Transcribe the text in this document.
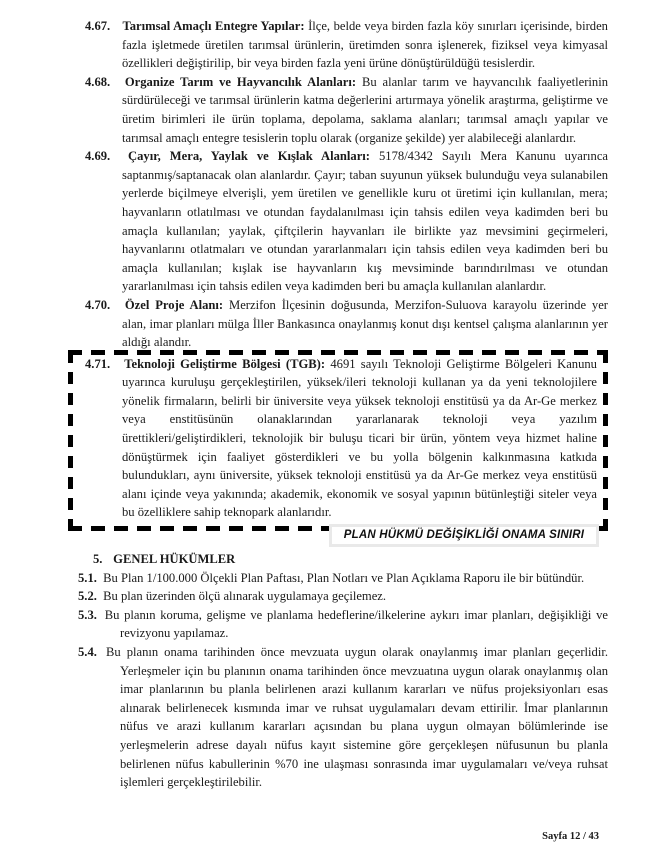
4.67. Tarımsal Amaçlı Entegre Yapılar: İlçe, belde veya birden fazla köy sınırları içerisinde, birden fazla işletmede üretilen tarımsal ürünlerin, üretimden sonra işlenerek, fiziksel veya kimyasal özellikleri değiştirilip, bir veya birden fazla yeni ürüne dönüştürüldüğü tesislerdir.
4.68. Organize Tarım ve Hayvancılık Alanları: Bu alanlar tarım ve hayvancılık faaliyetlerinin sürdürüleceği ve tarımsal ürünlerin katma değerlerini artırmaya yönelik araştırma, geliştirme ve üretim birimleri ile ürün toplama, depolama, saklama alanları; tarımsal amaçlı yapılar ve tarımsal amaçlı entegre tesislerin toplu olarak (organize şekilde) yer alabileceği alanlardır.
4.69. Çayır, Mera, Yaylak ve Kışlak Alanları: 5178/4342 Sayılı Mera Kanunu uyarınca saptanmış/saptanacak olan alanlardır. Çayır; taban suyunun yüksek bulunduğu veya sulanabilen yerlerde biçilmeye elverişli, yem üretilen ve genellikle kuru ot üretimi için kullanılan, mera; hayvanların otlatılması ve otundan faydalanılması için tahsis edilen veya kadimden beri bu amaçla kullanılan; yaylak, çiftçilerin hayvanları ile birlikte yaz mevsimini geçirmeleri, hayvanlarını otlatmaları ve otundan yararlanmaları için tahsis edilen veya kadimden beri bu amaçla kullanılan; kışlak ise hayvanların kış mevsiminde barındırılması ve otundan yararlanılması için tahsis edilen veya kadimden beri bu amaçla kullanılan alanlardır.
4.70. Özel Proje Alanı: Merzifon İlçesinin doğusunda, Merzifon-Suluova karayolu üzerinde yer alan, imar planları mülga İller Bankasınca onaylanmış konut dışı kentsel çalışma alanlarının yer aldığı alandır.
4.71. Teknoloji Geliştirme Bölgesi (TGB): 4691 sayılı Teknoloji Geliştirme Bölgeleri Kanunu uyarınca kuruluşu gerçekleştirilen, yüksek/ileri teknoloji kullanan ya da yeni teknolojilere yönelik firmaların, belirli bir üniversite veya yüksek teknoloji enstitüsü ya da Ar-Ge merkez veya enstitüsünün olanaklarından yararlanarak teknoloji veya yazılım ürettikleri/geliştirdikleri, teknolojik bir buluşu ticari bir ürün, yöntem veya hizmet haline dönüştürmek için faaliyet gösterdikleri ve bu yolla bölgenin kalkınmasına katkıda bulundukları, aynı üniversite, yüksek teknoloji enstitüsü ya da Ar-Ge merkez veya enstitüsü alanı içinde veya yakınında; akademik, ekonomik ve sosyal yapının bütünleştiği siteler veya bu özelliklere sahip teknopark alanlarıdır.
PLAN HÜKMÜ DEĞİŞİKLİĞİ ONAMA SINIRI
5. GENEL HÜKÜMLER
5.1. Bu Plan 1/100.000 Ölçekli Plan Paftası, Plan Notları ve Plan Açıklama Raporu ile bir bütündür.
5.2. Bu plan üzerinden ölçü alınarak uygulamaya geçilemez.
5.3. Bu planın koruma, gelişme ve planlama hedeflerine/ilkelerine aykırı imar planları, değişikliği ve revizyonu yapılamaz.
5.4. Bu planın onama tarihinden önce mevzuata uygun olarak onaylanmış imar planları geçerlidir. Yerleşmeler için bu planının onama tarihinden önce mevzuatına uygun olarak onaylanmış olan imar planlarının bu planla belirlenen arazi kullanım kararları ve nüfus projeksiyonları esas alınarak belirlenecek kısmında imar ve ruhsat uygulamaları devam ettirilir. İmar planlarının nüfus ve arazi kullanım kararları açısından bu plana uygun olmayan bölümlerinde ise yerleşmelerin adrese dayalı nüfus kayıt sistemine göre gerçekleşen nüfusunun bu planla belirlenen nüfus kabullerinin %70 ine ulaşması sonrasında imar uygulamaları ve/veya ruhsat işlemleri gerçekleştirilebilir.
Sayfa 12 / 43
